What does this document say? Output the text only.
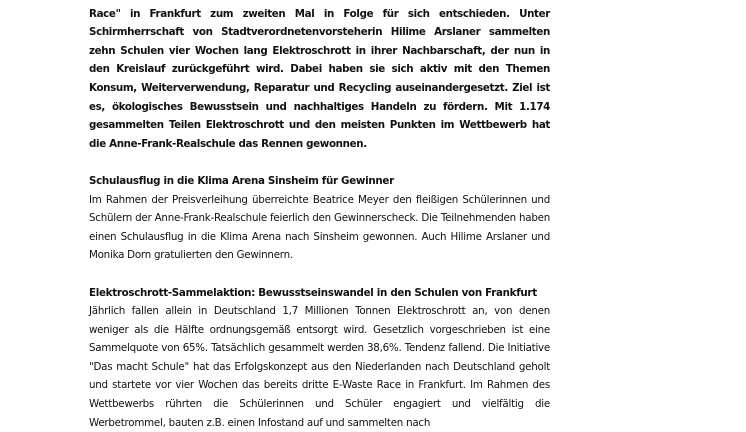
Race" in Frankfurt zum zweiten Mal in Folge für sich entschieden. Unter Schirmherrschaft von Stadtverordnetenvorsteherin Hilime Arslaner sammelten zehn Schulen vier Wochen lang Elektroschrott in ihrer Nachbarschaft, der nun in den Kreislauf zurückgeführt wird. Dabei haben sie sich aktiv mit den Themen Konsum, Weiterverwendung, Reparatur und Recycling auseinandergesetzt. Ziel ist es, ökologisches Bewusstsein und nachhaltiges Handeln zu fördern. Mit 1.174 gesammelten Teilen Elektroschrott und den meisten Punkten im Wettbewerb hat die Anne-Frank-Realschule das Rennen gewonnen.

Schulausflug in die Klima Arena Sinsheim für Gewinner

Im Rahmen der Preisverleihung überreichte Beatrice Meyer den fleißigen Schülerinnen und Schülern der Anne-Frank-Realschule feierlich den Gewinnerscheck. Die Teilnehmenden haben einen Schulausflug in die Klima Arena nach Sinsheim gewonnen. Auch Hilime Arslaner und Monika Dorn gratulierten den Gewinnern.

Elektroschrott-Sammelaktion: Bewusstseinswandel in den Schulen von Frankfurt

Jährlich fallen allein in Deutschland 1,7 Millionen Tonnen Elektroschrott an, von denen weniger als die Hälfte ordnungsgemäß entsorgt wird. Gesetzlich vorgeschrieben ist eine Sammelquote von 65%. Tatsächlich gesammelt werden 38,6%. Tendenz fallend. Die Initiative "Das macht Schule" hat das Erfolgskonzept aus den Niederlanden nach Deutschland geholt und startete vor vier Wochen das bereits dritte E-Waste Race in Frankfurt. Im Rahmen des Wettbewerbs rührten die Schülerinnen und Schüler engagiert und vielfältig die Werbetrommel, bauten z.B. einen Infostand auf und sammelten nach
